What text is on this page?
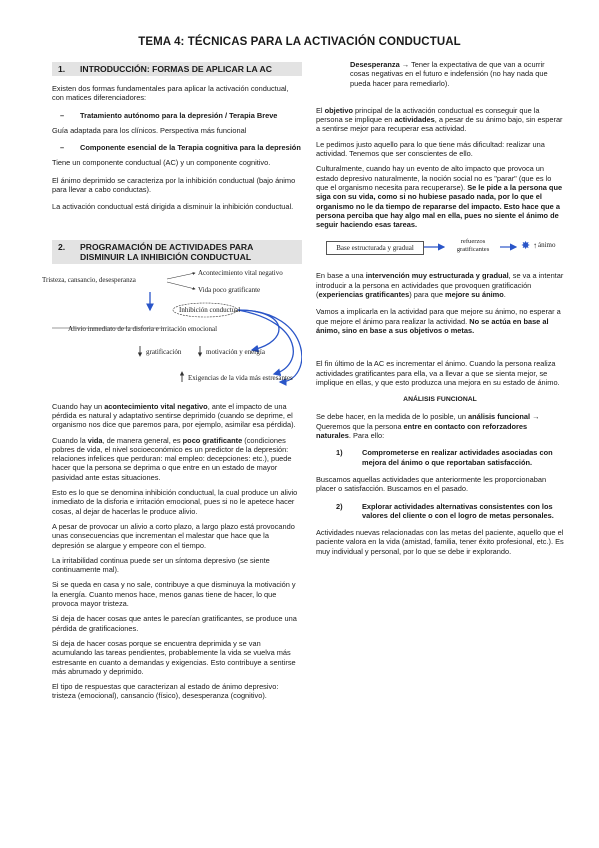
TEMA 4: TÉCNICAS PARA LA ACTIVACIÓN CONDUCTUAL
1.	INTRODUCCIÓN: FORMAS DE APLICAR LA AC

Existen dos formas fundamentales para aplicar la activación conductual, con matices diferenciadores:

–	Tratamiento autónomo para la depresión / Terapia Breve

Guía adaptada para los clínicos. Perspectiva más funcional

–	Componente esencial de la Terapia cognitiva para la depresión

Tiene un componente conductual (AC) y un componente cognitivo.

El ánimo deprimido se caracteriza por la inhibición conductual (bajo ánimo para llevar a cabo conductas).

La activación conductual está dirigida a disminuir la inhibición conductual.

2.	PROGRAMACIÓN DE ACTIVIDADES PARA DISMINUIR LA INHIBICIÓN CONDUCTUAL
Tristeza, cansancio, desesperanza
Acontecimiento vital negativo
Vida poco gratificante
Inhibición conductual
Alivio inmediato de la disforia e irritación emocional
gratificación	motivación y energía
Exigencias de la vida más estresantes

Cuando hay un acontecimiento vital negativo, ante el impacto de una pérdida es natural y adaptativo sentirse deprimido (cuando se deprime, el organismo nos dice que paremos para, por ejemplo, asimilar esa pérdida).

Cuando la vida, de manera general, es poco gratificante (condiciones pobres de vida, el nivel socioeconómico es un predictor de la depresión: relaciones infelices que perduran: mal empleo: decepciones: etc.), puede hacer que la persona se deprima o que entre en un estado de mayor pasividad ante estas situaciones.

Esto es lo que se denomina inhibición conductual, la cual produce un alivio inmediato de la disforia e irritación emocional, pues si no le apetece hacer cosas, al dejar de hacerlas le produce alivio.

A pesar de provocar un alivio a corto plazo, a largo plazo está provocando unas consecuencias que incrementan el malestar que hace que la depresión se alargue y empeore con el tiempo.

La irritabilidad continua puede ser un síntoma depresivo (se siente continuamente mal).

Si se queda en casa y no sale, contribuye a que disminuya la motivación y la energía. Cuanto menos hace, menos ganas tiene de hacer, lo que provoca mayor tristeza.

Si deja de hacer cosas que antes le parecían gratificantes, se produce una pérdida de gratificaciones.

Si deja de hacer cosas porque se encuentra deprimida y se van acumulando las tareas pendientes, probablemente la vida se vuelva más estresante en cuanto a demandas y exigencias. Esto contribuye a sentirse más abrumado y deprimido.

El tipo de respuestas que caracterizan al estado de ánimo depresivo: tristeza (emocional), cansancio (físico), desesperanza (cognitivo).

Desesperanza → Tener la expectativa de que van a ocurrir cosas negativas en el futuro e indefensión (no hay nada que pueda hacer para remediarlo).

El objetivo principal de la activación conductual es conseguir que la persona se implique en actividades, a pesar de su ánimo bajo, sin esperar a sentirse mejor para recuperar esa actividad.

Le pedimos justo aquello para lo que tiene más dificultad: realizar una actividad. Tenemos que ser conscientes de ello.

Culturalmente, cuando hay un evento de alto impacto que provoca un estado depresivo naturalmente, la noción social no es "parar" (que es lo que el organismo necesita para recuperarse). Se le pide a la persona que siga con su vida, como si no hubiese pasado nada, por lo que el organismo no le da tiempo de repararse del impacto. Esto hace que a persona perciba que hay algo mal en ella, pues no siente el ánimo de seguir haciendo esas tareas.

Base estructurada y gradual
refuerzos gratificantes	✸ ↑ ánimo

En base a una intervención muy estructurada y gradual, se va a intentar introducir a la persona en actividades que provoquen gratificación (experiencias gratificantes) para que mejore su ánimo.

Vamos a implicarla en la actividad para que mejore su ánimo, no esperar a que mejore el ánimo para realizar la actividad. No se actúa en base al ánimo, sino en base a sus objetivos o metas.

El fin último de la AC es incrementar el ánimo. Cuando la persona realiza actividades gratificantes para ella, va a llevar a que se sienta mejor, se implique en ellas, y que esto produzca una mejora en su estado de ánimo.

ANÁLISIS FUNCIONAL

Se debe hacer, en la medida de lo posible, un análisis funcional → Queremos que la persona entre en contacto con reforzadores naturales. Para ello:

1)	Comprometerse en realizar actividades asociadas con mejora del ánimo o que reportaban satisfacción.

Buscamos aquellas actividades que anteriormente les proporcionaban placer o satisfacción. Buscamos en el pasado.

2)	Explorar actividades alternativas consistentes con los valores del cliente o con el logro de metas personales.

Actividades nuevas relacionadas con las metas del paciente, aquello que el paciente valora en la vida (amistad, familia, tener éxito profesional, etc.). Es muy individual y personal, por lo que se debe ir explorando.
